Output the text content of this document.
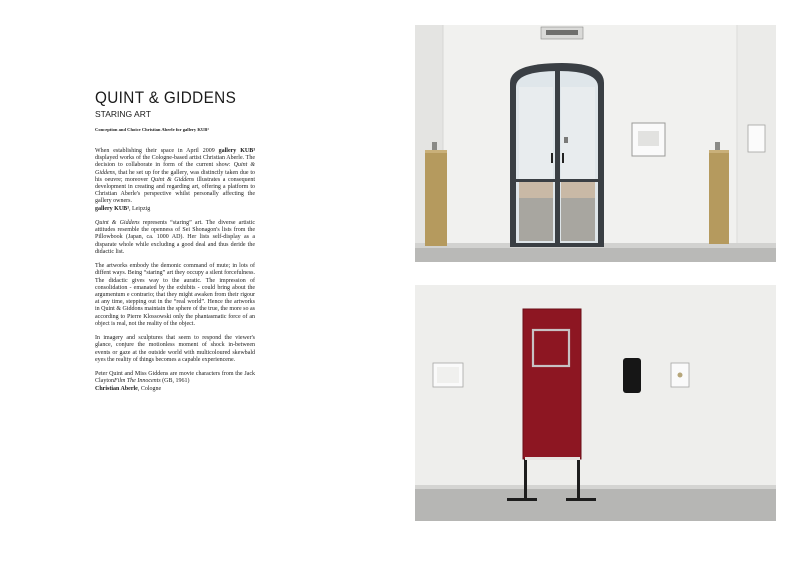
QUINT & GIDDENS
STARING ART
Conception and Choice Christian Aberle for gallery KUB³

When establishing their space in April 2009 gallery KUB³ displayed works of the Cologne-based artist Christian Aberle. The decision to collaborate in form of the current show: Quint & Giddens, that he set up for the gallery, was distinctly taken due to his oeuvre; moreover Quint & Giddens illustrates a consequent development in creating and regarding art, offering a platform to Christian Aberle's perspective whilst personally affecting the gallery owners.
gallery KUB³, Leipzig

Quint & Giddens represents “staring” art. The diverse artistic attitudes resemble the openness of Sei Shonagon's lists from the Pillowbook (Japan, ca. 1000 AD). Her lists self-display as a disparate whole while excluding a good deal and thus deride the didactic list.

The artworks embody the demonic command of mute; in lots of diffent ways. Being “staring” art they occupy a silent forcefulness. The didactic gives way to the auratic. The impression of consolidation - emanated by the exhibits - could bring about the argumentum e contrario; that they might awaken from their rigour at any time, stepping out in the “real world”. Hence the artworks in Quint & Giddons maintain the sphere of the true, the more so as according to Pierre Klossowski only the phantasmatic force of an object is real, not the reality of the object.

In imagery and sculptures that seem to respond the viewer's glance, conjure the motionless moment of shock in-between events or gaze at the outside world with multicoloured skewbald eyes the reality of things becomes a capable experiencene.

Peter Quint and Miss Giddens are movie characters from the Jack ClaytonFilm The Innocents (GB, 1961)
Christian Aberle, Cologne
